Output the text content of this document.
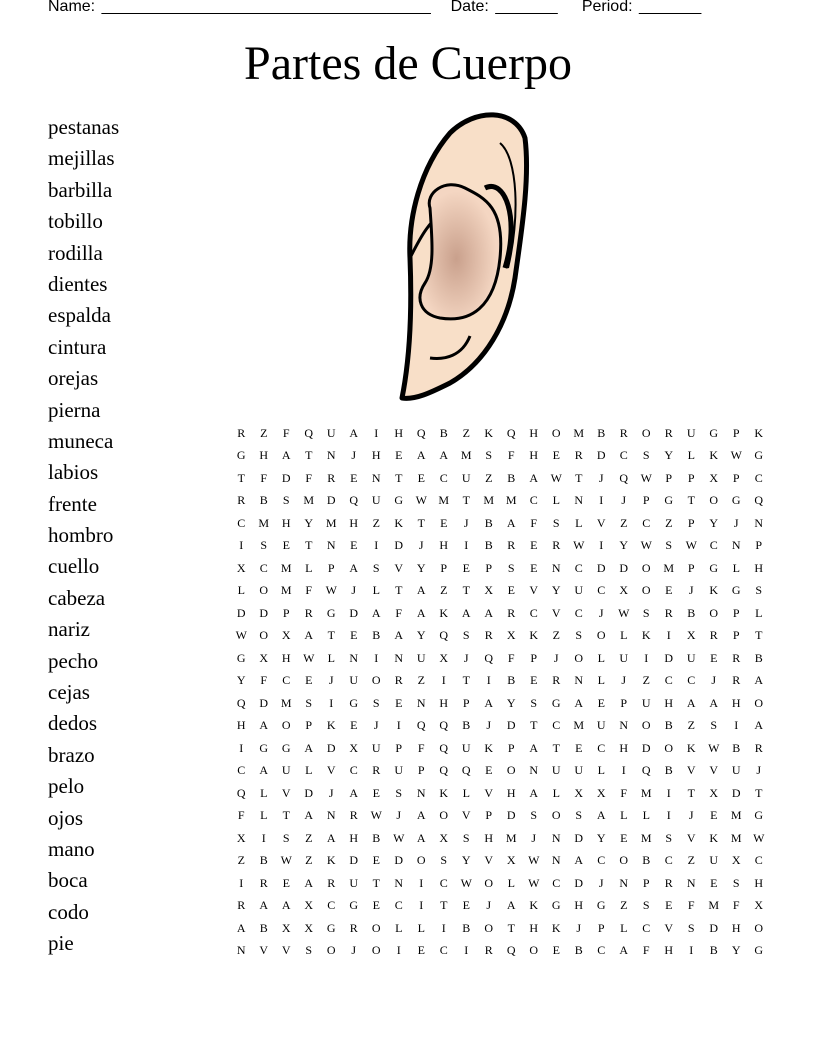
Name: _____________________________________ Date: _______ Period: _______
Partes de Cuerpo
pestanas
mejillas
barbilla
tobillo
rodilla
dientes
espalda
cintura
orejas
pierna
muneca
labios
frente
hombro
cuello
cabeza
nariz
pecho
cejas
dedos
brazo
pelo
ojos
mano
boca
codo
pie
R	Z	F	Q	U	A	I	H	Q	B	Z	K	Q	H	O	M	B	R	O	R	U	G	P	K
G	H	A	T	N	J	H	E	A	A	M	S	F	H	E	R	D	C	S	Y	L	K	W	G
T	F	D	F	R	E	N	T	E	C	U	Z	B	A	W	T	J	Q	W	P	P	X	P	C
R	B	S	M	D	Q	U	G	W	M	T	M	M	C	L	N	I	J	P	G	T	O	G	Q
C	M	H	Y	M	H	Z	K	T	E	J	B	A	F	S	L	V	Z	C	Z	P	Y	J	N
I	S	E	T	N	E	I	D	J	H	I	B	R	E	R	W	I	Y	W	S	W	C	N	P
X	C	M	L	P	A	S	V	Y	P	E	P	S	E	N	C	D	D	O	M	P	G	L	H
L	O	M	F	W	J	L	T	A	Z	T	X	E	V	Y	U	C	X	O	E	J	K	G	S
D	D	P	R	G	D	A	F	A	K	A	A	R	C	V	C	J	W	S	R	B	O	P	L
W	O	X	A	T	E	B	A	Y	Q	S	R	X	K	Z	S	O	L	K	I	X	R	P	T
G	X	H	W	L	N	I	N	U	X	J	Q	F	P	J	O	L	U	I	D	U	E	R	B
Y	F	C	E	J	U	O	R	Z	I	T	I	B	E	R	N	L	J	Z	C	C	J	R	A
Q	D	M	S	I	G	S	E	N	H	P	A	Y	S	G	A	E	P	U	H	A	A	H	O
H	A	O	P	K	E	J	I	Q	Q	B	J	D	T	C	M	U	N	O	B	Z	S	I	A
I	G	G	A	D	X	U	P	F	Q	U	K	P	A	T	E	C	H	D	O	K	W	B	R
C	A	U	L	V	C	R	U	P	Q	Q	E	O	N	U	U	L	I	Q	B	V	V	U	J
Q	L	V	D	J	A	E	S	N	K	L	V	H	A	L	X	X	F	M	I	T	X	D	T
F	L	T	A	N	R	W	J	A	O	V	P	D	S	O	S	A	L	L	I	J	E	M	G
X	I	S	Z	A	H	B	W	A	X	S	H	M	J	N	D	Y	E	M	S	V	K	M	W
Z	B	W	Z	K	D	E	D	O	S	Y	V	X	W	N	A	C	O	B	C	Z	U	X	C
I	R	E	A	R	U	T	N	I	C	W	O	L	W	C	D	J	N	P	R	N	E	S	H
R	A	A	X	C	G	E	C	I	T	E	J	A	K	G	H	G	Z	S	E	F	M	F	X
A	B	X	X	G	R	O	L	L	I	B	O	T	H	K	J	P	L	C	V	S	D	H	O
N	V	V	S	O	J	O	I	E	C	I	R	Q	O	E	B	C	A	F	H	I	B	Y	G
